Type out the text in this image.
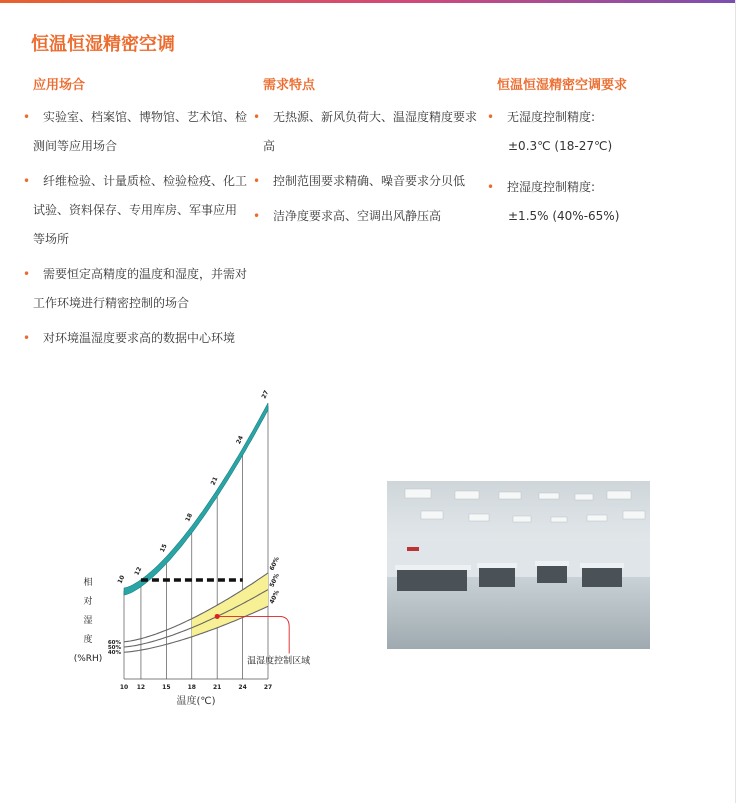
恒温恒湿精密空调
应用场合
• 实验室、档案馆、博物馆、艺术馆、检测间等应用场合
• 纤维检验、计量质检、检验检疫、化工试验、资料保存、专用库房、军事应用等场所
• 需要恒定高精度的温度和湿度，并需对工作环境进行精密控制的场合
• 对环境温湿度要求高的数据中心环境
需求特点
• 无热源、新风负荷大、温湿度精度要求高
• 控制范围要求精确、噪音要求分贝低
• 洁净度要求高、空调出风静压高
恒温恒湿精密空调要求
• 无湿度控制精度:
±0.3℃ (18-27℃)
• 控湿度控制精度:
±1.5% (40%-65%)
10
12
15
18
21
24
27
60%
50%
40%
60%
50%
40%
10 12	15	18	21	24	27
温度(℃)
相
对
湿
度
(%RH)	温湿度控制区域
